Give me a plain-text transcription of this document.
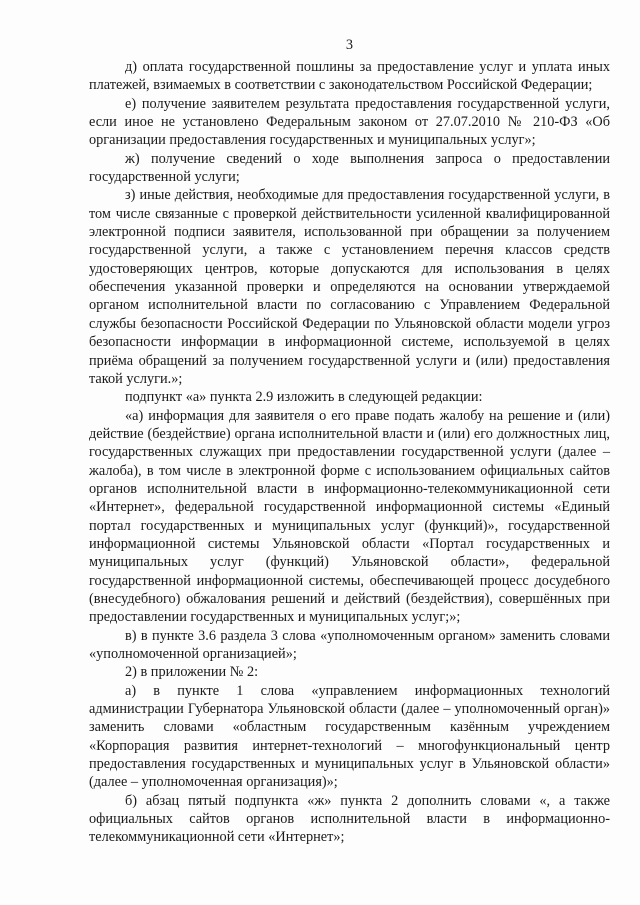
3

д) оплата государственной пошлины за предоставление услуг и уплата иных платежей, взимаемых в соответствии с законодательством Российской Федерации;

е) получение заявителем результата предоставления государственной услуги, если иное не установлено Федеральным законом от 27.07.2010 № 210-ФЗ «Об организации предоставления государственных и муниципальных услуг»;

ж) получение сведений о ходе выполнения запроса о предоставлении государственной услуги;

з) иные действия, необходимые для предоставления государственной услуги, в том числе связанные с проверкой действительности усиленной квалифицированной электронной подписи заявителя, использованной при обращении за получением государственной услуги, а также с установлением перечня классов средств удостоверяющих центров, которые допускаются для использования в целях обеспечения указанной проверки и определяются на основании утверждаемой органом исполнительной власти по согласованию с Управлением Федеральной службы безопасности Российской Федерации по Ульяновской области модели угроз безопасности информации в информационной системе, используемой в целях приёма обращений за получением государственной услуги и (или) предоставления такой услуги.»;

подпункт «а» пункта 2.9 изложить в следующей редакции:

«а) информация для заявителя о его праве подать жалобу на решение и (или) действие (бездействие) органа исполнительной власти и (или) его должностных лиц, государственных служащих при предоставлении государственной услуги (далее – жалоба), в том числе в электронной форме с использованием официальных сайтов органов исполнительной власти в информационно-телекоммуникационной сети «Интернет», федеральной государственной информационной системы «Единый портал государственных и муниципальных услуг (функций)», государственной информационной системы Ульяновской области «Портал государственных и муниципальных услуг (функций) Ульяновской области», федеральной государственной информационной системы, обеспечивающей процесс досудебного (внесудебного) обжалования решений и действий (бездействия), совершённых при предоставлении государственных и муниципальных услуг;»;

в) в пункте 3.6 раздела 3 слова «уполномоченным органом» заменить словами «уполномоченной организацией»;

2) в приложении № 2:

а) в пункте 1 слова «управлением информационных технологий администрации Губернатора Ульяновской области (далее – уполномоченный орган)» заменить словами «областным государственным казённым учреждением «Корпорация развития интернет-технологий – многофункциональный центр предоставления государственных и муниципальных услуг в Ульяновской области» (далее – уполномоченная организация)»;

б) абзац пятый подпункта «ж» пункта 2 дополнить словами «, а также официальных сайтов органов исполнительной власти в информационно-телекоммуникационной сети «Интернет»;
